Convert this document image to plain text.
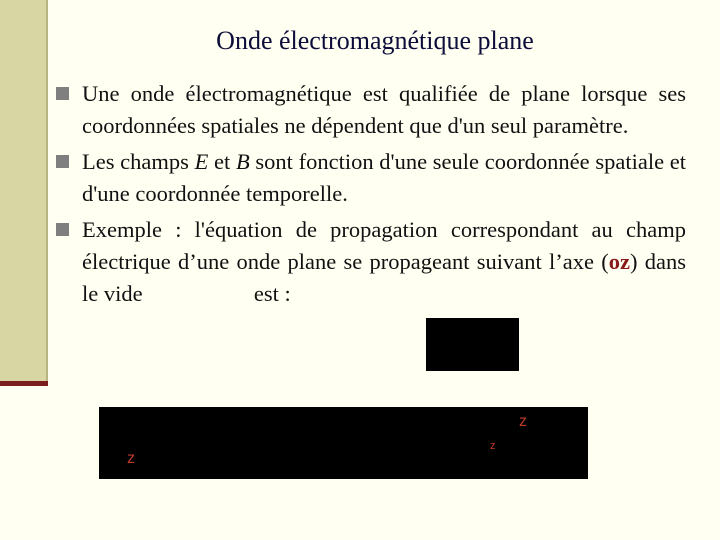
Onde électromagnétique plane
Une onde électromagnétique est qualifiée de plane lorsque ses coordonnées spatiales ne dépendent que d'un seul paramètre.
Les champs E et B sont fonction d'une seule coordonnée spatiale et d'une coordonnée temporelle.
Exemple : l'équation de propagation correspondant au champ électrique d’une onde plane se propageant suivant l’axe (oz) dans le vide	est :
z
z
z
